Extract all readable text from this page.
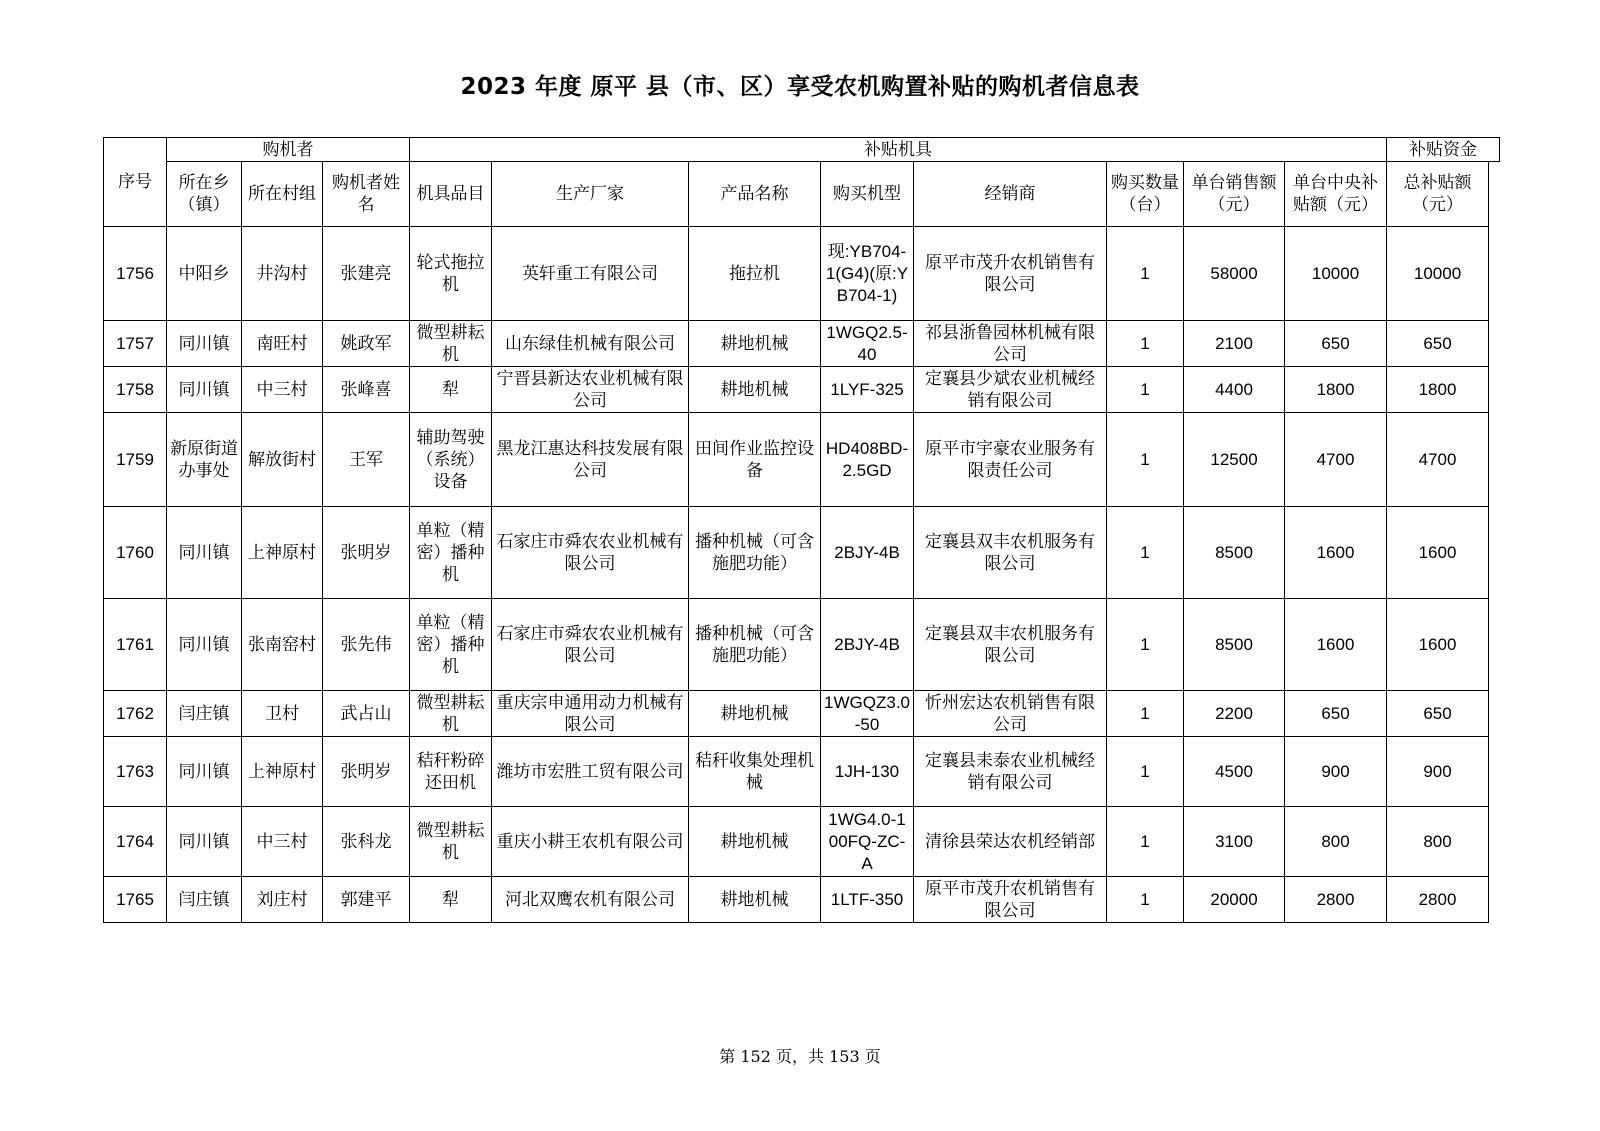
2023 年度 原平 县（市、区）享受农机购置补贴的购机者信息表
序号	购机者			补贴机具								补贴资金
	所在乡（镇）	所在村组	购机者姓名	机具品目	生产厂家	产品名称	购买机型	经销商	购买数量（台）	单台销售额（元）	单台中央补贴额（元）	总补贴额（元）
1756	中阳乡	井沟村	张建亮	轮式拖拉机	英轩重工有限公司	拖拉机	现:YB704-1(G4)(原:YB704-1)	原平市茂升农机销售有限公司	1	58000	10000	10000
1757	同川镇	南旺村	姚政军	微型耕耘机	山东绿佳机械有限公司	耕地机械	1WGQ2.5-40	祁县浙鲁园林机械有限公司	1	2100	650	650
1758	同川镇	中三村	张峰喜	犁	宁晋县新达农业机械有限公司	耕地机械	1LYF-325	定襄县少斌农业机械经销有限公司	1	4400	1800	1800
1759	新原街道办事处	解放街村	王军	辅助驾驶（系统）设备	黑龙江惠达科技发展有限公司	田间作业监控设备	HD408BD-2.5GD	原平市宇豪农业服务有限责任公司	1	12500	4700	4700
1760	同川镇	上神原村	张明岁	单粒（精密）播种机	石家庄市舜农农业机械有限公司	播种机械（可含施肥功能）	2BJY-4B	定襄县双丰农机服务有限公司	1	8500	1600	1600
1761	同川镇	张南窑村	张先伟	单粒（精密）播种机	石家庄市舜农农业机械有限公司	播种机械（可含施肥功能）	2BJY-4B	定襄县双丰农机服务有限公司	1	8500	1600	1600
1762	闫庄镇	卫村	武占山	微型耕耘机	重庆宗申通用动力机械有限公司	耕地机械	1WGQZ3.0-50	忻州宏达农机销售有限公司	1	2200	650	650
1763	同川镇	上神原村	张明岁	秸秆粉碎还田机	潍坊市宏胜工贸有限公司	秸秆收集处理机械	1JH-130	定襄县耒泰农业机械经销有限公司	1	4500	900	900
1764	同川镇	中三村	张科龙	微型耕耘机	重庆小耕王农机有限公司	耕地机械	1WG4.0-100FQ-ZC-A	清徐县荣达农机经销部	1	3100	800	800
1765	闫庄镇	刘庄村	郭建平	犁	河北双鹰农机有限公司	耕地机械	1LTF-350	原平市茂升农机销售有限公司	1	20000	2800	2800
第 152 页，共 153 页
